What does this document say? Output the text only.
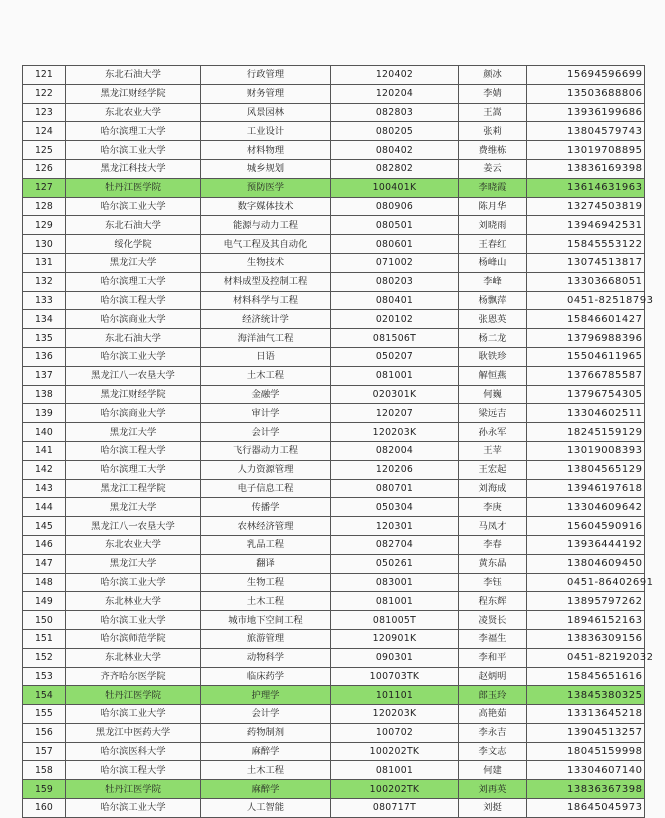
121	东北石油大学	行政管理	120402	颜冰	15694596699
122	黑龙江财经学院	财务管理	120204	李婧	13503688806
123	东北农业大学	风景园林	082803	王嵩	13936199686
124	哈尔滨理工大学	工业设计	080205	张莉	13804579743
125	哈尔滨工业大学	材料物理	080402	费维栋	13019708895
126	黑龙江科技大学	城乡规划	082802	姜云	13836169398
127	牡丹江医学院	预防医学	100401K	李晓霞	13614631963
128	哈尔滨工业大学	数字媒体技术	080906	陈月华	13274503819
129	东北石油大学	能源与动力工程	080501	刘晓雨	13946942531
130	绥化学院	电气工程及其自动化	080601	王春红	15845553122
131	黑龙江大学	生物技术	071002	杨峰山	13074513817
132	哈尔滨理工大学	材料成型及控制工程	080203	李峰	13303668051
133	哈尔滨工程大学	材料科学与工程	080401	杨飘萍	0451-82518793
134	哈尔滨商业大学	经济统计学	020102	张恩英	15846601427
135	东北石油大学	海洋油气工程	081506T	杨二龙	13796988396
136	哈尔滨工业大学	日语	050207	耿铁珍	15504611965
137	黑龙江八一农垦大学	土木工程	081001	解恒燕	13766785587
138	黑龙江财经学院	金融学	020301K	何巍	13796754305
139	哈尔滨商业大学	审计学	120207	梁远吉	13304602511
140	黑龙江大学	会计学	120203K	孙永军	18245159129
141	哈尔滨工程大学	飞行器动力工程	082004	王苹	13019008393
142	哈尔滨理工大学	人力资源管理	120206	王宏起	13804565129
143	黑龙江工程学院	电子信息工程	080701	刘海成	13946197618
144	黑龙江大学	传播学	050304	李庚	13304609642
145	黑龙江八一农垦大学	农林经济管理	120301	马凤才	15604590916
146	东北农业大学	乳品工程	082704	李春	13936444192
147	黑龙江大学	翻译	050261	黄东晶	13804609450
148	哈尔滨工业大学	生物工程	083001	李钰	0451-86402691
149	东北林业大学	土木工程	081001	程东辉	13895797262
150	哈尔滨工业大学	城市地下空间工程	081005T	凌贤长	18946152163
151	哈尔滨师范学院	旅游管理	120901K	李福生	13836309156
152	东北林业大学	动物科学	090301	李和平	0451-82192032
153	齐齐哈尔医学院	临床药学	100703TK	赵炳明	15845651616
154	牡丹江医学院	护理学	101101	郎玉玲	13845380325
155	哈尔滨工业大学	会计学	120203K	高艳茹	13313645218
156	黑龙江中医药大学	药物制剂	100702	李永吉	13904513257
157	哈尔滨医科大学	麻醉学	100202TK	李文志	18045159998
158	哈尔滨工程大学	土木工程	081001	何建	13304607140
159	牡丹江医学院	麻醉学	100202TK	刘再英	13836367398
160	哈尔滨工业大学	人工智能	080717T	刘挺	18645045973
